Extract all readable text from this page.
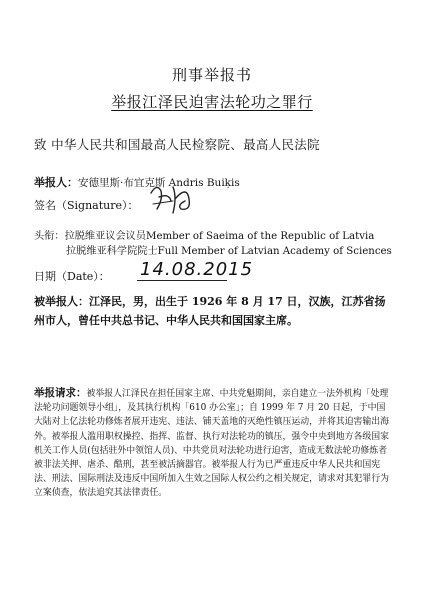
刑事举报书
举报江泽民迫害法轮功之罪行
致 中华人民共和国最高人民检察院、最高人民法院
举报人：安德里斯·布宜克斯 Andris Buiķis
签名（Signature）：
头衔：拉脱维亚议会议员Member of Saeima of the Republic of Latvia
拉脱维亚科学院院士Full Member of Latvian Academy of Sciences
日期（Date）： 14.08.2015
被举报人：江泽民，男，出生于 1926 年 8 月 17 日，汉族，江苏省扬州市人，曾任中共总书记、中华人民共和国国家主席。
举报请求：被举报人江泽民在担任国家主席、中共党魁期间，亲自建立一法外机构「处理法轮功问题领导小组」，及其执行机构「610 办公室」；自 1999 年 7 月 20 日起，于中国大陆对上亿法轮功修炼者展开违宪、违法、铺天盖地的灭绝性镇压运动，并将其迫害输出海外。被举报人滥用职权操控、指挥、监督、执行对法轮功的镇压，强令中央到地方各级国家机关工作人员(包括驻外中领馆人员)、中共党员对法轮功进行迫害，造成无数法轮功修炼者被非法关押、虐杀、酷刑，甚至被活摘器官。被举报人行为已严重违反中华人民共和国宪法、刑法、国际刑法及违反中国所加入生效之国际人权公约之相关规定，请求对其犯罪行为立案侦查，依法追究其法律责任。
